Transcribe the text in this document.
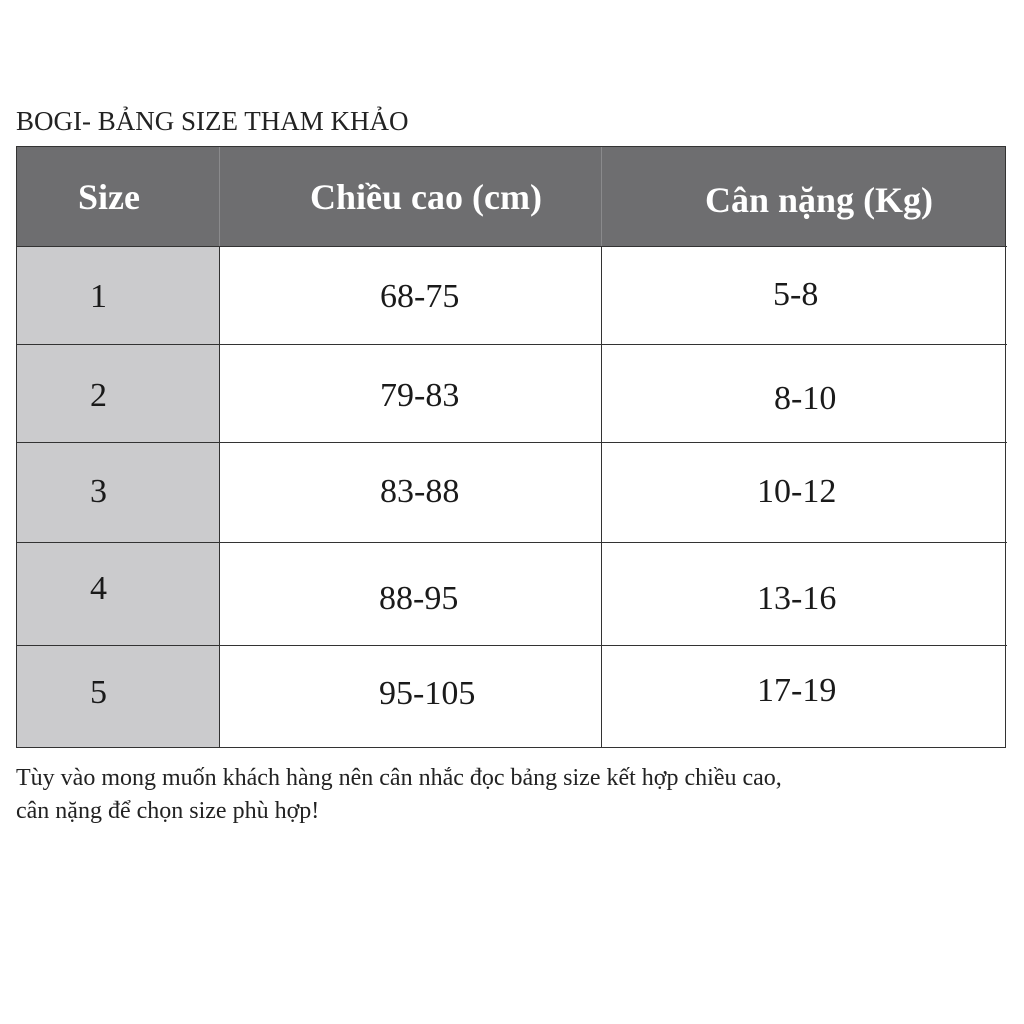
BOGI- BẢNG SIZE THAM KHẢO
Size	Chiều cao (cm)	Cân nặng (Kg)
1	68-75	5-8
2	79-83	8-10
3	83-88	10-12
4	88-95	13-16
5	95-105	17-19
Tùy vào mong muốn khách hàng nên cân nhắc đọc bảng size kết hợp chiều cao,
cân nặng để chọn size phù hợp!
